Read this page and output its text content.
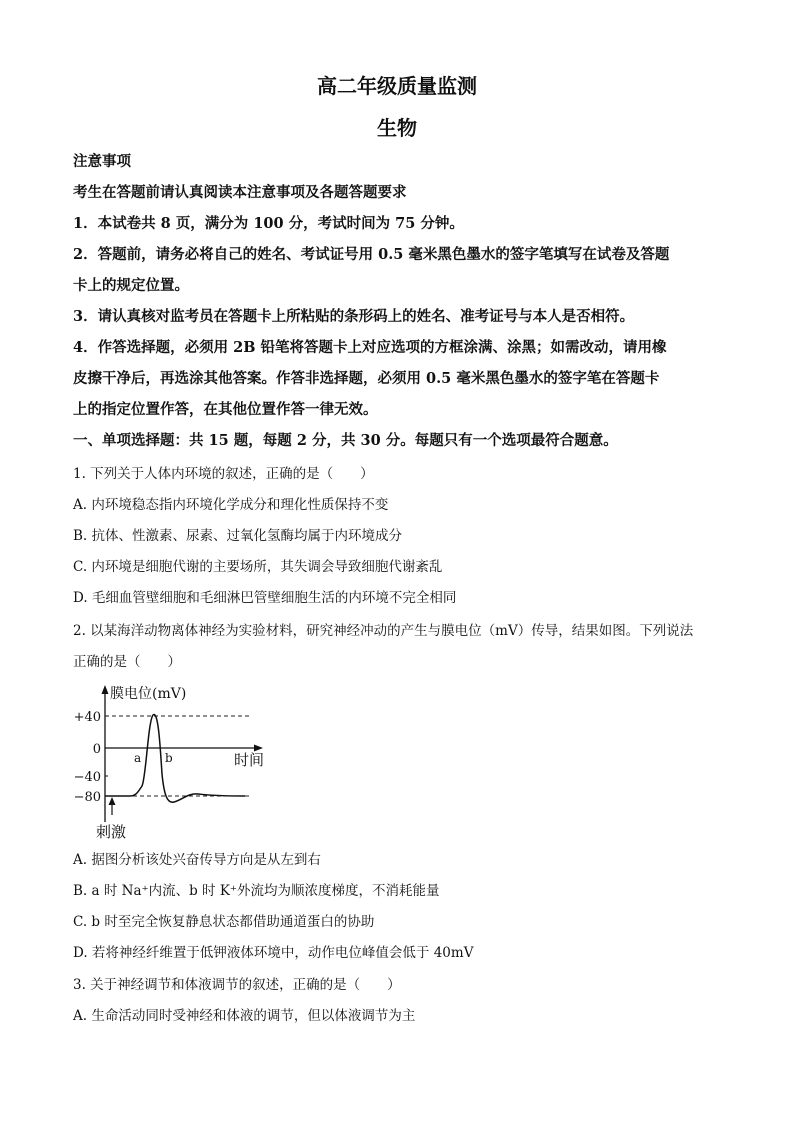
高二年级质量监测
生物
注意事项
考生在答题前请认真阅读本注意事项及各题答题要求
1．本试卷共 8 页，满分为 100 分，考试时间为 75 分钟。
2．答题前，请务必将自己的姓名、考试证号用 0.5 毫米黑色墨水的签字笔填写在试卷及答题
卡上的规定位置。
3．请认真核对监考员在答题卡上所粘贴的条形码上的姓名、准考证号与本人是否相符。
4．作答选择题，必须用 2B 铅笔将答题卡上对应选项的方框涂满、涂黑；如需改动，请用橡
皮擦干净后，再选涂其他答案。作答非选择题，必须用 0.5 毫米黑色墨水的签字笔在答题卡
上的指定位置作答，在其他位置作答一律无效。
一、单项选择题：共 15 题，每题 2 分，共 30 分。每题只有一个选项最符合题意。
1. 下列关于人体内环境的叙述，正确的是（　　）
A. 内环境稳态指内环境化学成分和理化性质保持不变
B. 抗体、性激素、尿素、过氧化氢酶均属于内环境成分
C. 内环境是细胞代谢的主要场所，其失调会导致细胞代谢紊乱
D. 毛细血管壁细胞和毛细淋巴管壁细胞生活的内环境不完全相同
2. 以某海洋动物离体神经为实验材料，研究神经冲动的产生与膜电位（mV）传导，结果如图。下列说法
正确的是（　　）
膜电位(mV)
时间
+40
0
−40
−80
a b
刺激
A. 据图分析该处兴奋传导方向是从左到右
B. a 时 Na⁺内流、b 时 K⁺外流均为顺浓度梯度，不消耗能量
C. b 时至完全恢复静息状态都借助通道蛋白的协助
D. 若将神经纤维置于低钾液体环境中，动作电位峰值会低于 40mV
3. 关于神经调节和体液调节的叙述，正确的是（　　）
A. 生命活动同时受神经和体液的调节，但以体液调节为主
